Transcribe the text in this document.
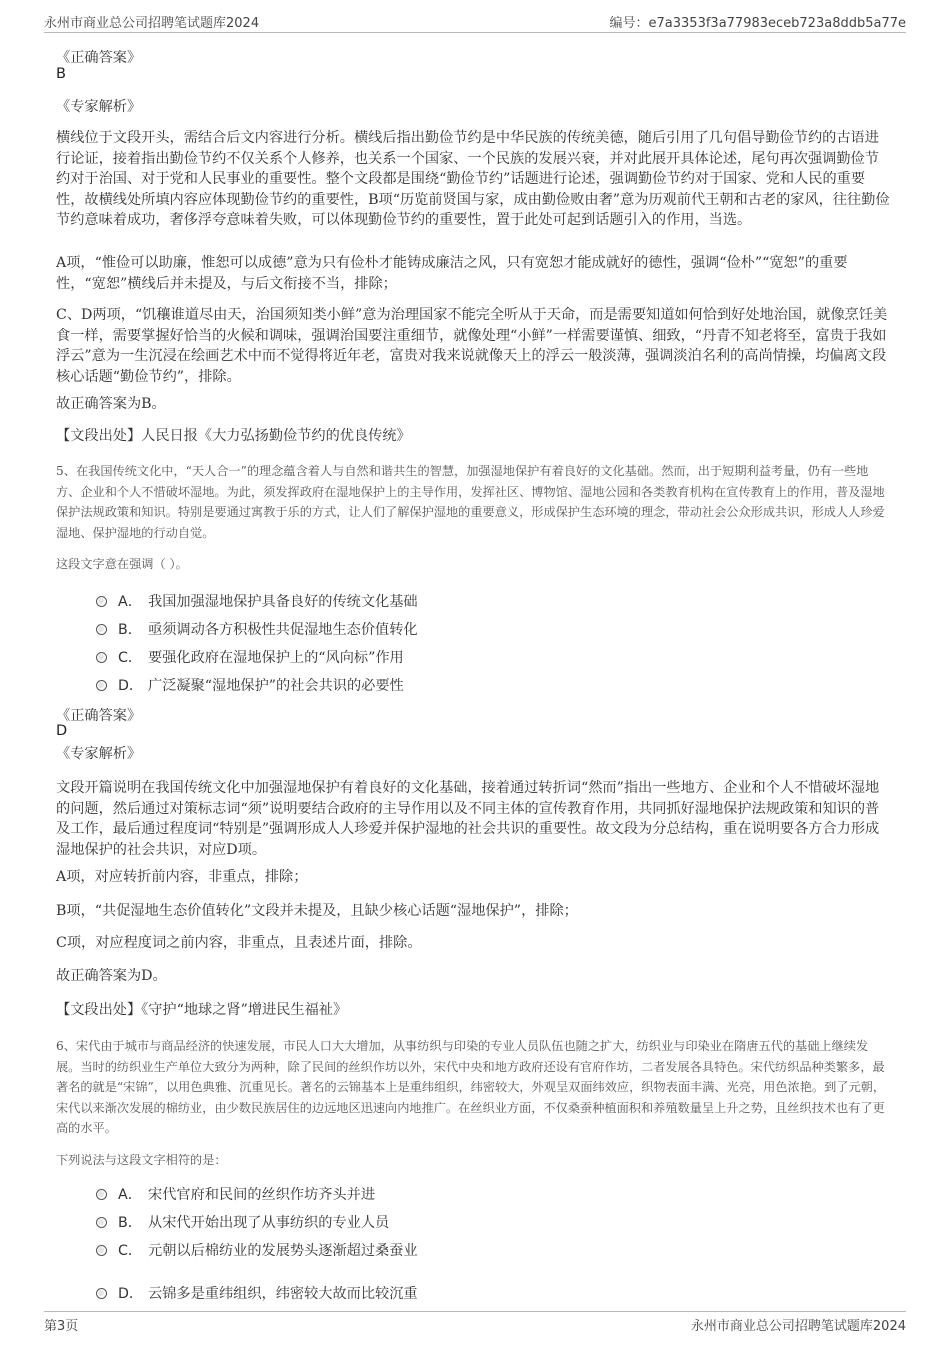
永州市商业总公司招聘笔试题库2024	编号：e7a3353f3a77983eceb723a8ddb5a77e
《正确答案》
B
《专家解析》
横线位于文段开头，需结合后文内容进行分析。横线后指出勤俭节约是中华民族的传统美德，随后引用了几句倡导勤俭节约的古语进行论证，接着指出勤俭节约不仅关系个人修养，也关系一个国家、一个民族的发展兴衰，并对此展开具体论述，尾句再次强调勤俭节约对于治国、对于党和人民事业的重要性。整个文段都是围绕“勤俭节约”话题进行论述，强调勤俭节约对于国家、党和人民的重要性，故横线处所填内容应体现勤俭节约的重要性，B项“历览前贤国与家，成由勤俭败由奢”意为历观前代王朝和古老的家风，往往勤俭节约意味着成功，奢侈浮夸意味着失败，可以体现勤俭节约的重要性，置于此处可起到话题引入的作用，当选。
A项，“惟俭可以助廉，惟恕可以成德”意为只有俭朴才能铸成廉洁之风，只有宽恕才能成就好的德性，强调“俭朴”“宽恕”的重要性，“宽恕”横线后并未提及，与后文衔接不当，排除；
C、D两项，“饥穰谁道尽由天，治国须知类小鲜”意为治理国家不能完全听从于天命，而是需要知道如何恰到好处地治国，就像烹饪美食一样，需要掌握好恰当的火候和调味，强调治国要注重细节，就像处理“小鲜”一样需要谨慎、细致，“丹青不知老将至，富贵于我如浮云”意为一生沉浸在绘画艺术中而不觉得将近年老，富贵对我来说就像天上的浮云一般淡薄，强调淡泊名利的高尚情操，均偏离文段核心话题“勤俭节约”，排除。
故正确答案为B。
【文段出处】人民日报《大力弘扬勤俭节约的优良传统》
5、在我国传统文化中，“天人合一”的理念蕴含着人与自然和谐共生的智慧，加强湿地保护有着良好的文化基础。然而，出于短期利益考量，仍有一些地方、企业和个人不惜破坏湿地。为此，须发挥政府在湿地保护上的主导作用，发挥社区、博物馆、湿地公园和各类教育机构在宣传教育上的作用，普及湿地保护法规政策和知识。特别是要通过寓教于乐的方式，让人们了解保护湿地的重要意义，形成保护生态环境的理念，带动社会公众形成共识，形成人人珍爱湿地、保护湿地的行动自觉。
这段文字意在强调（ ）。
A． 我国加强湿地保护具备良好的传统文化基础
B． 亟须调动各方积极性共促湿地生态价值转化
C． 要强化政府在湿地保护上的“风向标”作用
D． 广泛凝聚“湿地保护”的社会共识的必要性
《正确答案》
D
《专家解析》
文段开篇说明在我国传统文化中加强湿地保护有着良好的文化基础，接着通过转折词“然而”指出一些地方、企业和个人不惜破坏湿地的问题，然后通过对策标志词“须”说明要结合政府的主导作用以及不同主体的宣传教育作用，共同抓好湿地保护法规政策和知识的普及工作，最后通过程度词“特别是”强调形成人人珍爱并保护湿地的社会共识的重要性。故文段为分总结构，重在说明要各方合力形成湿地保护的社会共识，对应D项。
A项，对应转折前内容，非重点，排除；
B项，“共促湿地生态价值转化”文段并未提及，且缺少核心话题“湿地保护”，排除；
C项，对应程度词之前内容，非重点，且表述片面，排除。
故正确答案为D。
【文段出处】《守护“地球之肾”增进民生福祉》
6、宋代由于城市与商品经济的快速发展，市民人口大大增加，从事纺织与印染的专业人员队伍也随之扩大，纺织业与印染业在隋唐五代的基础上继续发展。当时的纺织业生产单位大致分为两种，除了民间的丝织作坊以外，宋代中央和地方政府还设有官府作坊，二者发展各具特色。宋代纺织品种类繁多，最著名的就是“宋锦”，以用色典雅、沉重见长。著名的云锦基本上是重纬组织，纬密较大，外观呈双面纬效应，织物表面丰满、光亮，用色浓艳。到了元朝，宋代以来渐次发展的棉纺业，由少数民族居住的边远地区迅速向内地推广。在丝织业方面，不仅桑蚕种植面积和养殖数量呈上升之势，且丝织技术也有了更高的水平。
下列说法与这段文字相符的是：
A． 宋代官府和民间的丝织作坊齐头并进
B． 从宋代开始出现了从事纺织的专业人员
C． 元朝以后棉纺业的发展势头逐渐超过桑蚕业
D． 云锦多是重纬组织，纬密较大故而比较沉重
第3页	永州市商业总公司招聘笔试题库2024
